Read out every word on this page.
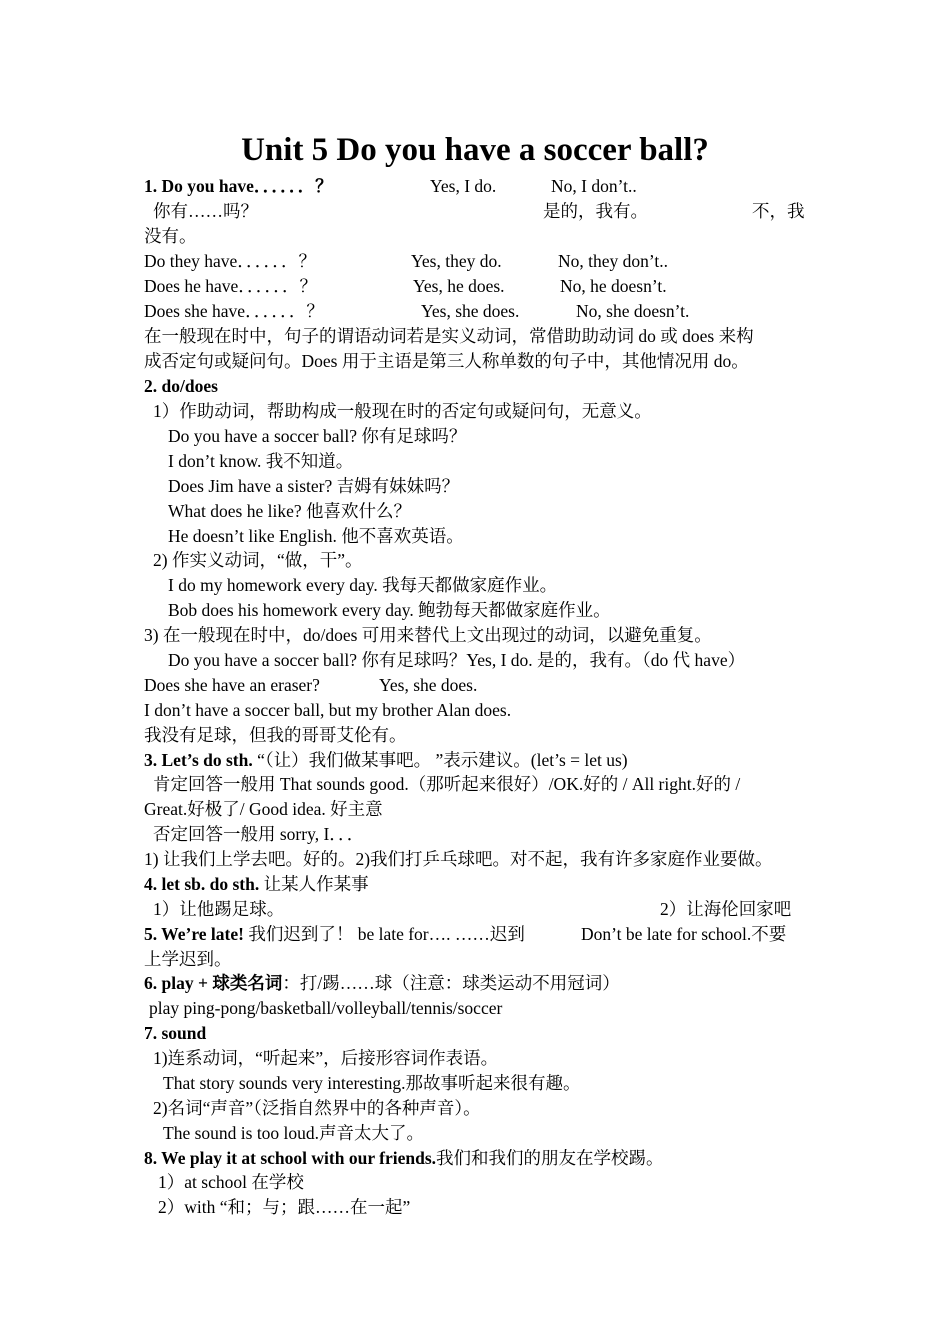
Unit 5 Do you have a soccer ball?
1. Do you have．．．．．．？	Yes, I do.	No, I don’t..
你有……吗？	是的，我有。	不，我
没有。
Do they have．．．．．．？	Yes, they do.	No, they don’t..
Does he have．．．．．．？	Yes, he does.	No, he doesn’t.
Does she have．．．．．．？	Yes, she does.	No, she doesn’t.
在一般现在时中，句子的谓语动词若是实义动词，常借助助动词 do 或 does 来构
成否定句或疑问句。Does 用于主语是第三人称单数的句子中，其他情况用 do。
2. do/does
1）作助动词，帮助构成一般现在时的否定句或疑问句，无意义。
Do you have a soccer ball? 你有足球吗？
I don’t know. 我不知道。
Does Jim have a sister? 吉姆有妹妹吗？
What does he like? 他喜欢什么？
He doesn’t like English. 他不喜欢英语。
2) 作实义动词，“做，干”。
I do my homework every day. 我每天都做家庭作业。
Bob does his homework every day. 鲍勃每天都做家庭作业。
3) 在一般现在时中，do/does 可用来替代上文出现过的动词，以避免重复。
Do you have a soccer ball? 你有足球吗？Yes, I do. 是的，我有。（do 代 have）
Does she have an eraser?	Yes, she does.
I don’t have a soccer ball, but my brother Alan does.
我没有足球，但我的哥哥艾伦有。
3. Let’s do sth. “（让）我们做某事吧。 ”表示建议。(let’s = let us)
肯定回答一般用 That sounds good.（那听起来很好）/OK.好的 / All right.好的 /
Great.好极了/ Good idea. 好主意
否定回答一般用 sorry, I．．．
1) 让我们上学去吧。好的。2)我们打乒乓球吧。对不起，我有许多家庭作业要做。
4. let sb. do sth. 让某人作某事
1）让他踢足球。	2）让海伦回家吧
5. We’re late! 我们迟到了！ be late for…. ……迟到	Don’t be late for school.不要
上学迟到。
6. play + 球类名词：打/踢……球（注意：球类运动不用冠词）
play ping-pong/basketball/volleyball/tennis/soccer
7. sound
1)连系动词，“听起来”，后接形容词作表语。
That story sounds very interesting.那故事听起来很有趣。
2)名词“声音”（泛指自然界中的各种声音）。
The sound is too loud.声音太大了。
8. We play it at school with our friends.我们和我们的朋友在学校踢。
1）at school 在学校
2）with “和；与；跟……在一起”
